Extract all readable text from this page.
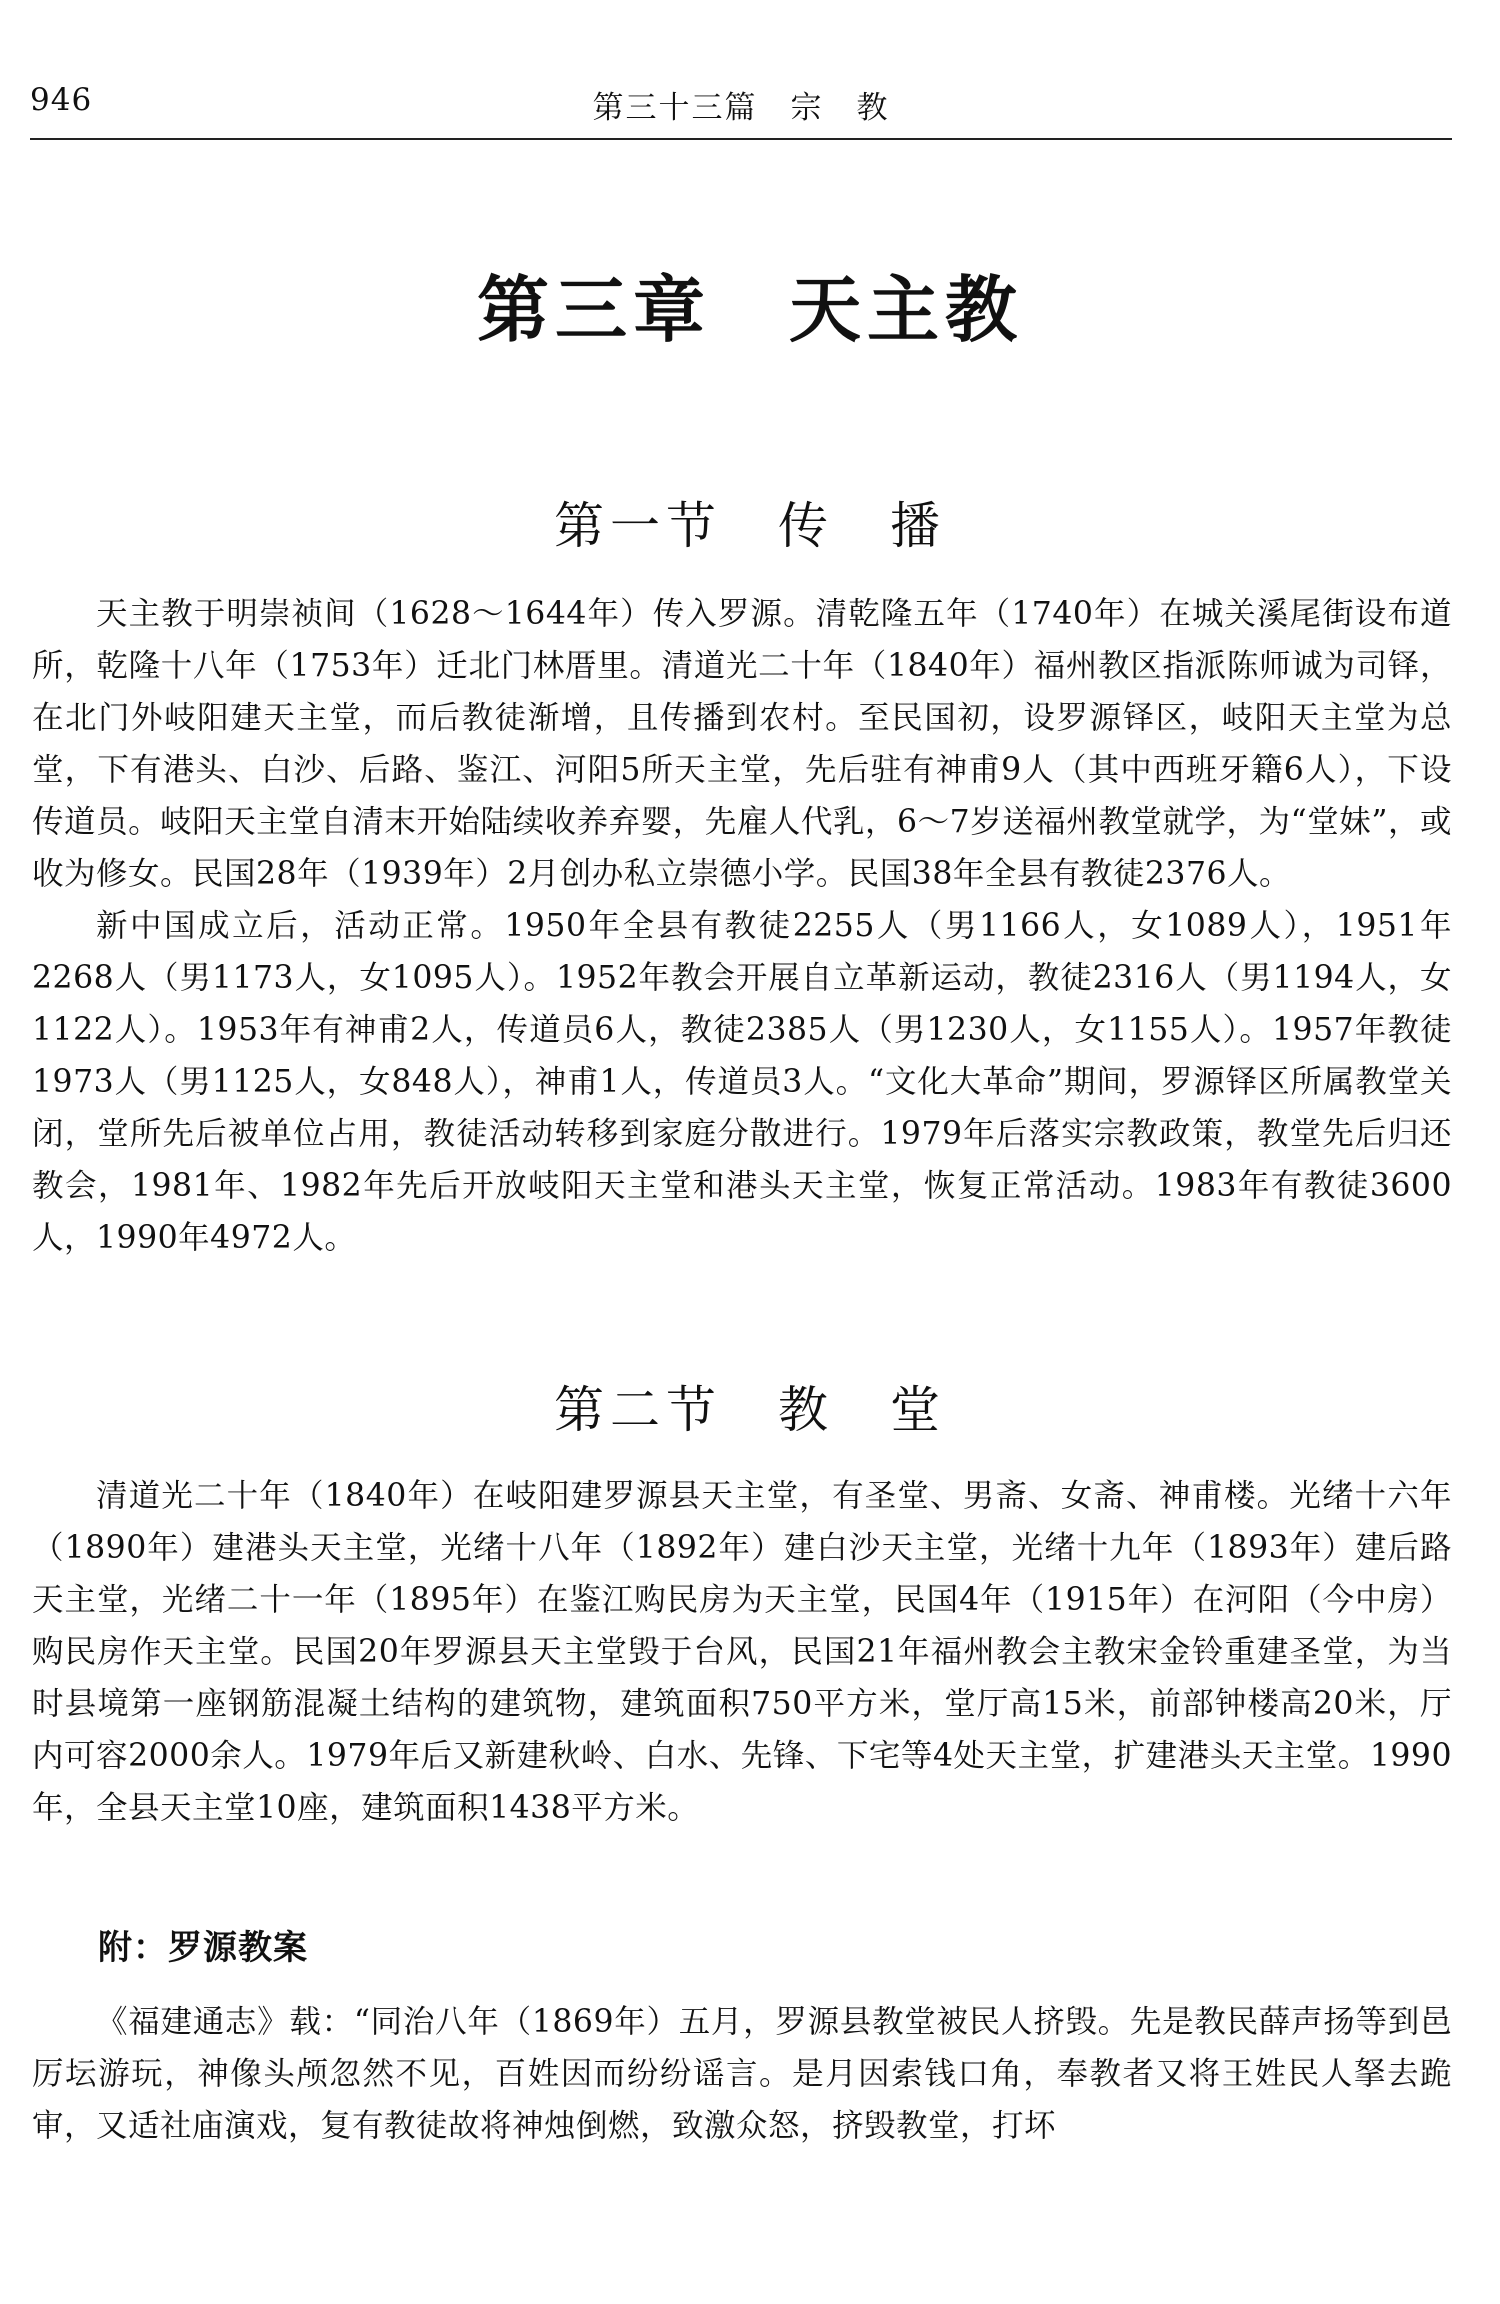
946	第三十三篇　宗　教
第三章　天主教
第一节　传　播

天主教于明崇祯间（1628～1644年）传入罗源。清乾隆五年（1740年）在城关溪尾街设布道所，乾隆十八年（1753年）迁北门林厝里。清道光二十年（1840年）福州教区指派陈师诚为司铎，在北门外岐阳建天主堂，而后教徒渐增，且传播到农村。至民国初，设罗源铎区，岐阳天主堂为总堂，下有港头、白沙、后路、鉴江、河阳5所天主堂，先后驻有神甫9人（其中西班牙籍6人），下设传道员。岐阳天主堂自清末开始陆续收养弃婴，先雇人代乳，6～7岁送福州教堂就学，为“堂妹”，或收为修女。民国28年（1939年）2月创办私立崇德小学。民国38年全县有教徒2376人。

新中国成立后，活动正常。1950年全县有教徒2255人（男1166人，女1089人），1951年2268人（男1173人，女1095人）。1952年教会开展自立革新运动，教徒2316人（男1194人，女1122人）。1953年有神甫2人，传道员6人，教徒2385人（男1230人，女1155人）。1957年教徒1973人（男1125人，女848人），神甫1人，传道员3人。“文化大革命”期间，罗源铎区所属教堂关闭，堂所先后被单位占用，教徒活动转移到家庭分散进行。1979年后落实宗教政策，教堂先后归还教会，1981年、1982年先后开放岐阳天主堂和港头天主堂，恢复正常活动。1983年有教徒3600人，1990年4972人。

第二节　教　堂

清道光二十年（1840年）在岐阳建罗源县天主堂，有圣堂、男斋、女斋、神甫楼。光绪十六年（1890年）建港头天主堂，光绪十八年（1892年）建白沙天主堂，光绪十九年（1893年）建后路天主堂，光绪二十一年（1895年）在鉴江购民房为天主堂，民国4年（1915年）在河阳（今中房）购民房作天主堂。民国20年罗源县天主堂毁于台风，民国21年福州教会主教宋金铃重建圣堂，为当时县境第一座钢筋混凝土结构的建筑物，建筑面积750平方米，堂厅高15米，前部钟楼高20米，厅内可容2000余人。1979年后又新建秋岭、白水、先锋、下宅等4处天主堂，扩建港头天主堂。1990年，全县天主堂10座，建筑面积1438平方米。

附：罗源教案

《福建通志》载：“同治八年（1869年）五月，罗源县教堂被民人挤毁。先是教民薛声扬等到邑厉坛游玩，神像头颅忽然不见，百姓因而纷纷谣言。是月因索钱口角，奉教者又将王姓民人拏去跪审，又适社庙演戏，复有教徒故将神烛倒燃，致激众怒，挤毁教堂，打坏
